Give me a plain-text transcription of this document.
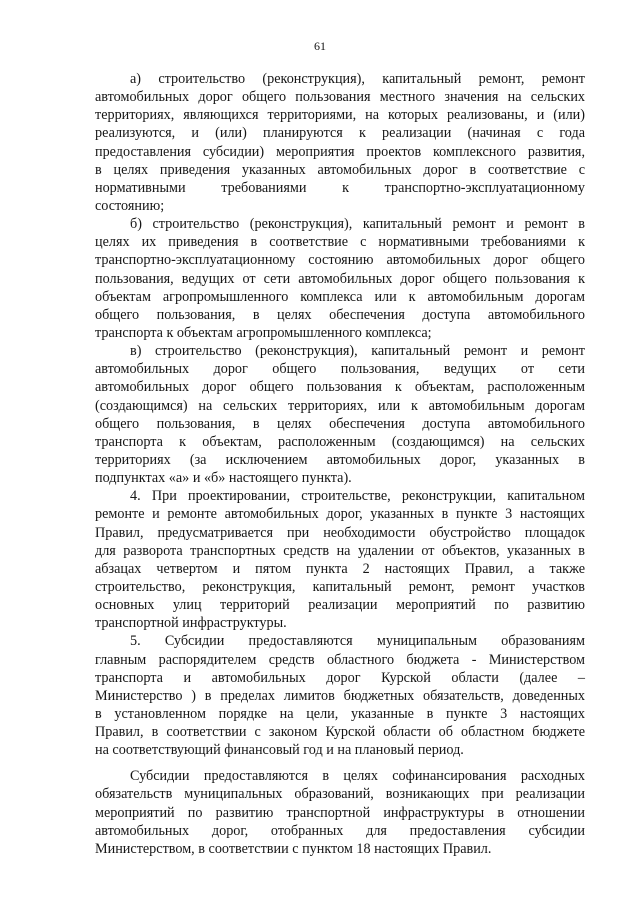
61
а) строительство (реконструкция), капитальный ремонт, ремонт
автомобильных дорог общего пользования местного значения на сельских
территориях, являющихся территориями, на которых реализованы, и (или)
реализуются, и (или) планируются к реализации (начиная с года
предоставления субсидии) мероприятия проектов комплексного развития,
в целях приведения указанных автомобильных дорог в соответствие с
нормативными требованиями к транспортно-эксплуатационному
состоянию;
б) строительство (реконструкция), капитальный ремонт и ремонт в
целях их приведения в соответствие с нормативными требованиями к
транспортно-эксплуатационному состоянию автомобильных дорог общего
пользования, ведущих от сети автомобильных дорог общего пользования к
объектам агропромышленного комплекса или к автомобильным дорогам
общего пользования, в целях обеспечения доступа автомобильного
транспорта к объектам агропромышленного комплекса;
в) строительство (реконструкция), капитальный ремонт и ремонт
автомобильных дорог общего пользования, ведущих от сети
автомобильных дорог общего пользования к объектам, расположенным
(создающимся) на сельских территориях, или к автомобильным дорогам
общего пользования, в целях обеспечения доступа автомобильного
транспорта к объектам, расположенным (создающимся) на сельских
территориях (за исключением автомобильных дорог, указанных в
подпунктах «а» и «б» настоящего пункта).
4. При проектировании, строительстве, реконструкции, капитальном
ремонте и ремонте автомобильных дорог, указанных в пункте 3 настоящих
Правил, предусматривается при необходимости обустройство площадок
для разворота транспортных средств на удалении от объектов, указанных в
абзацах четвертом и пятом пункта 2 настоящих Правил, а также
строительство, реконструкция, капитальный ремонт, ремонт участков
основных улиц территорий реализации мероприятий по развитию
транспортной инфраструктуры.
5. Субсидии предоставляются муниципальным образованиям
главным распорядителем средств областного бюджета - Министерством
транспорта и автомобильных дорог Курской области (далее –
Министерство ) в пределах лимитов бюджетных обязательств, доведенных
в установленном порядке на цели, указанные в пункте 3 настоящих
Правил, в соответствии с законом Курской области об областном бюджете
на соответствующий финансовый год и на плановый период.
Субсидии предоставляются в целях софинансирования расходных
обязательств муниципальных образований, возникающих при реализации
мероприятий по развитию транспортной инфраструктуры в отношении
автомобильных дорог, отобранных для предоставления субсидии
Министерством, в соответствии с пунктом 18 настоящих Правил.
